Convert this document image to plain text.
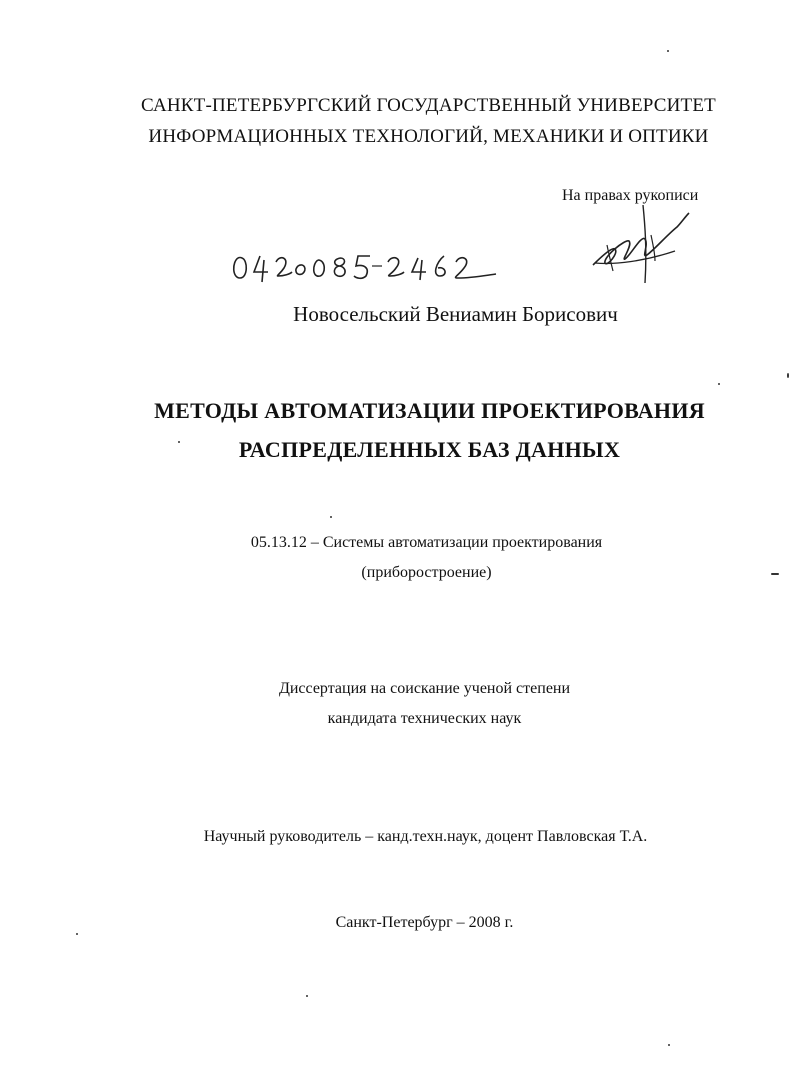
САНКТ-ПЕТЕРБУРГСКИЙ ГОСУДАРСТВЕННЫЙ УНИВЕРСИТЕТ
ИНФОРМАЦИОННЫХ ТЕХНОЛОГИЙ, МЕХАНИКИ И ОПТИКИ
На правах рукописи
Новосельский Вениамин Борисович
МЕТОДЫ АВТОМАТИЗАЦИИ ПРОЕКТИРОВАНИЯ
РАСПРЕДЕЛЕННЫХ БАЗ ДАННЫХ
05.13.12 – Системы автоматизации проектирования
(приборостроение)
Диссертация на соискание ученой степени
кандидата технических наук
Научный руководитель – канд.техн.наук, доцент Павловская Т.А.
Санкт-Петербург – 2008 г.
